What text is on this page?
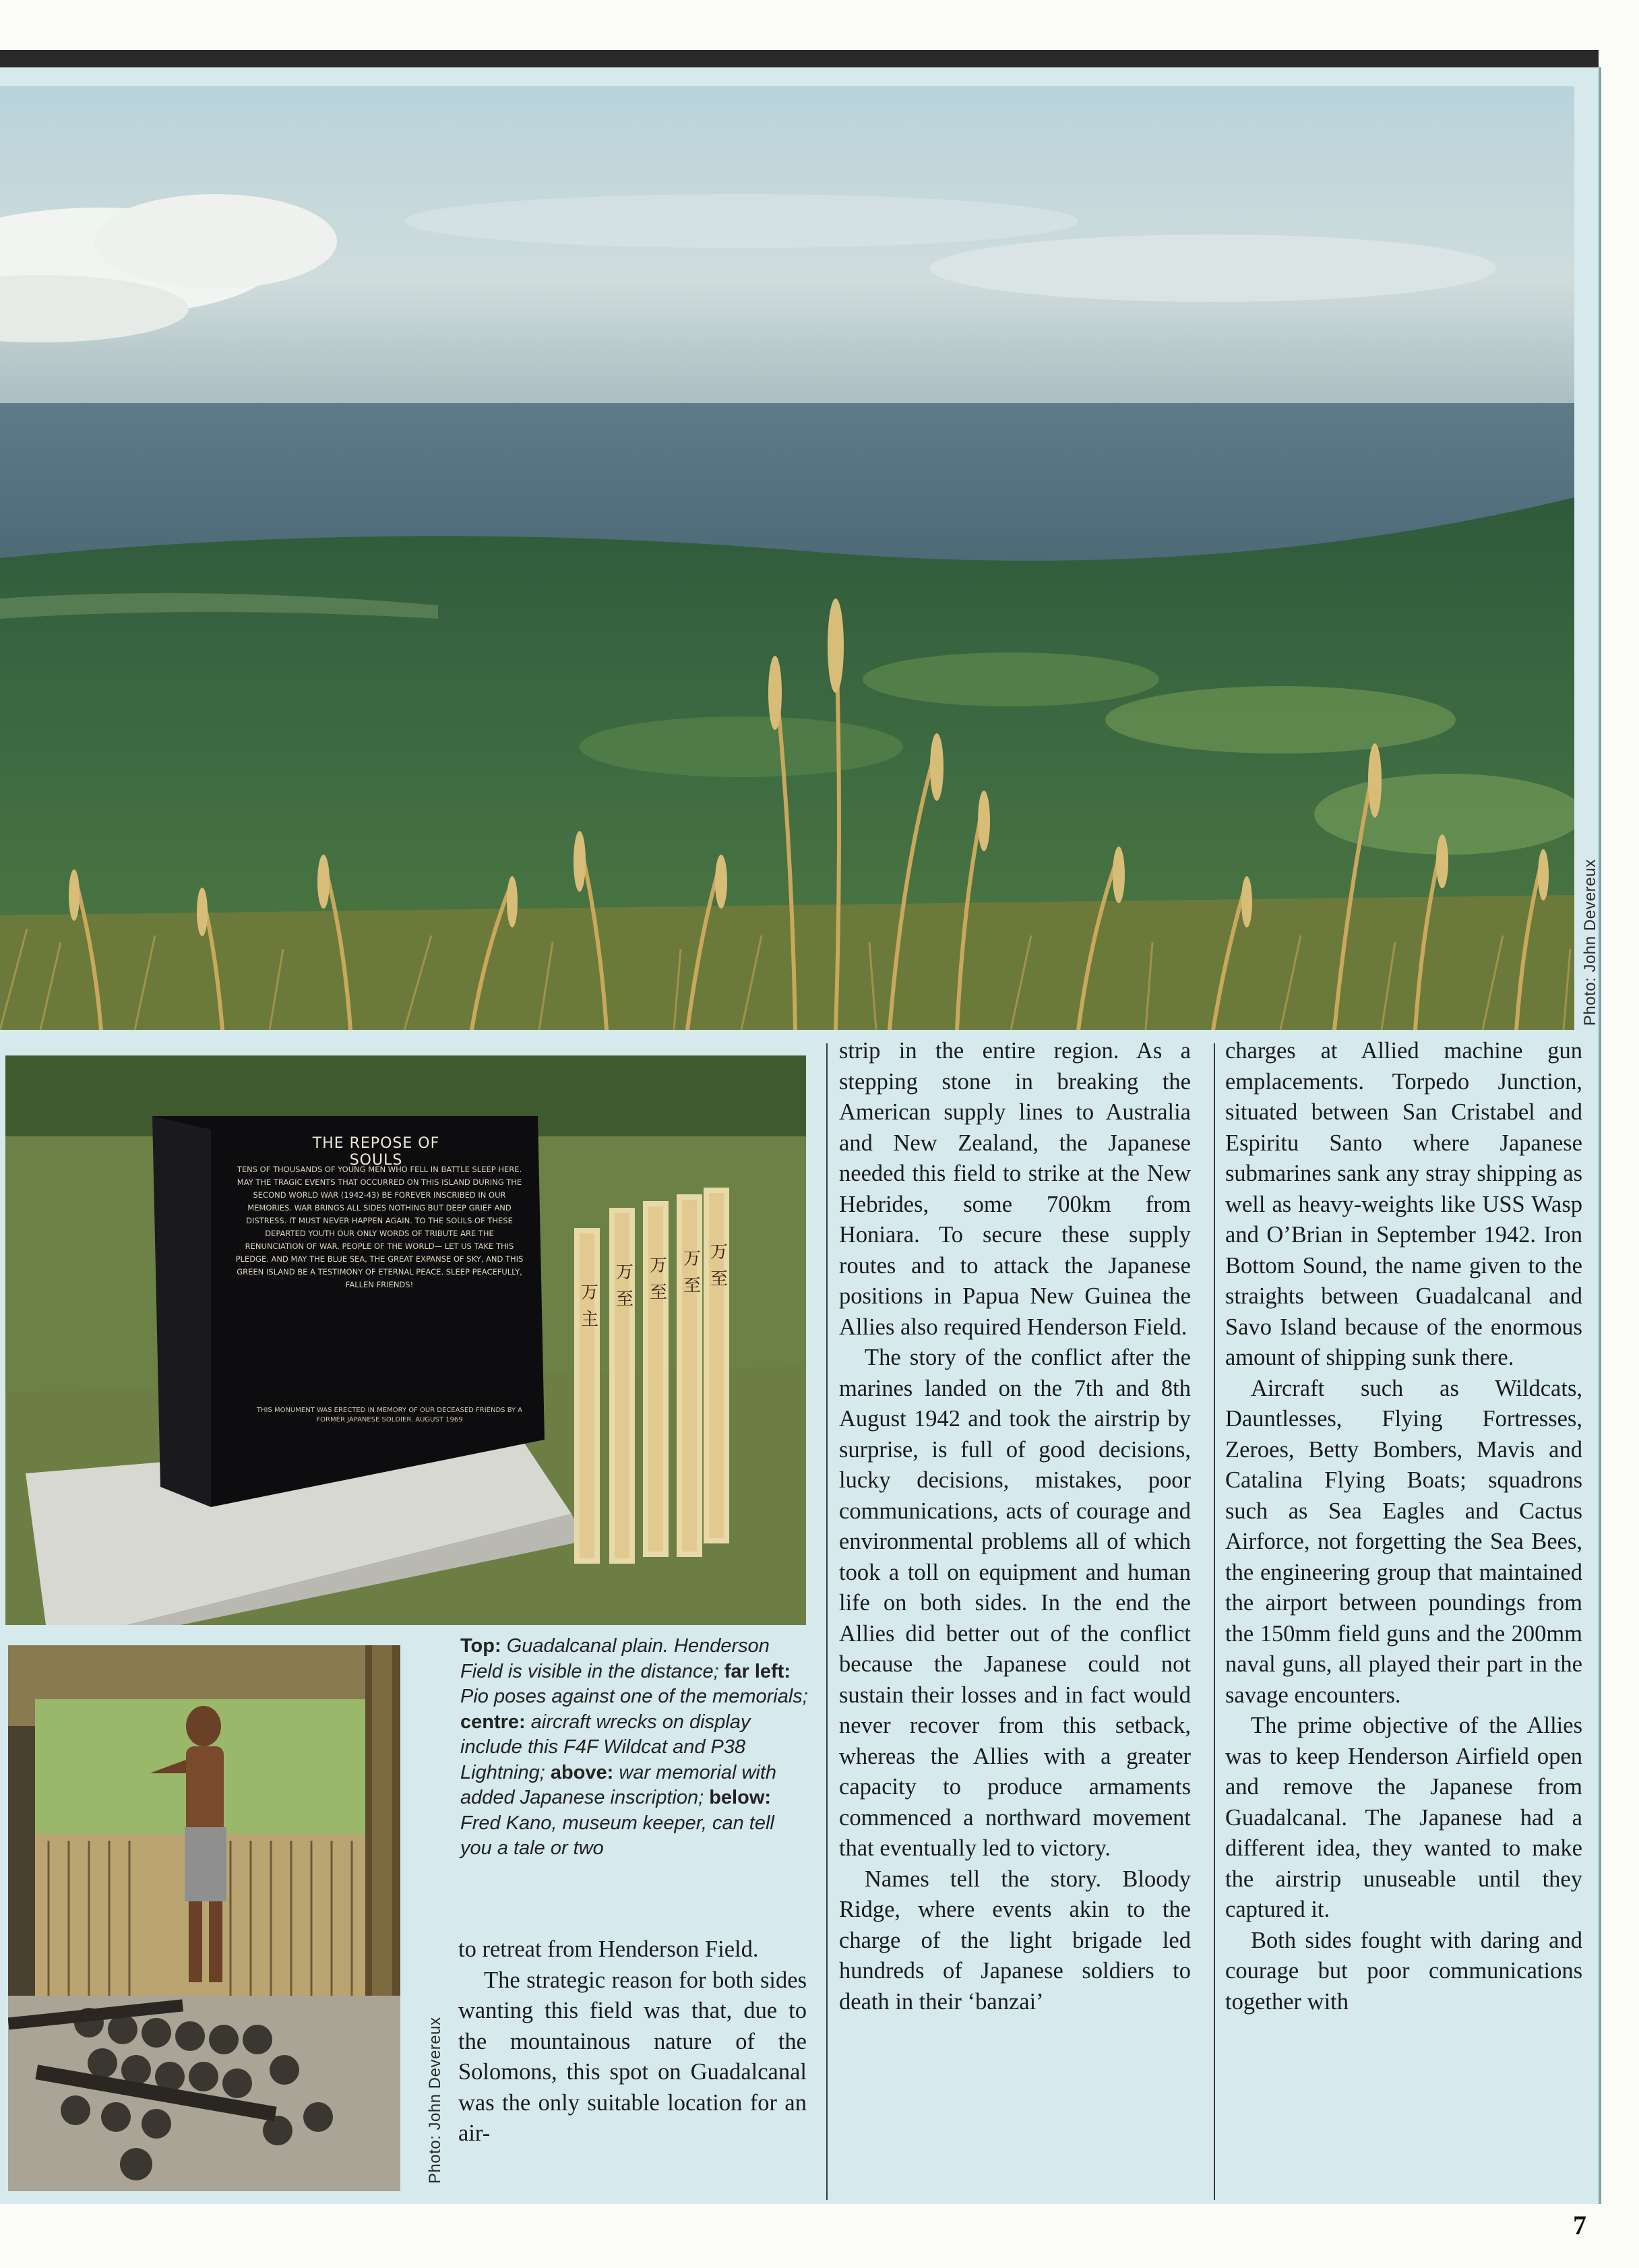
Photo: John Devereux
万
主
万
至
万
至
万
至
万
至
THE REPOSE OF SOULS
TENS OF THOUSANDS OF YOUNG MEN WHO FELL IN BATTLE SLEEP HERE. MAY THE TRAGIC EVENTS THAT OCCURRED ON THIS ISLAND DURING THE SECOND WORLD WAR (1942-43) BE FOREVER INSCRIBED IN OUR MEMORIES. WAR BRINGS ALL SIDES NOTHING BUT DEEP GRIEF AND DISTRESS. IT MUST NEVER HAPPEN AGAIN. TO THE SOULS OF THESE DEPARTED YOUTH OUR ONLY WORDS OF TRIBUTE ARE THE RENUNCIATION OF WAR. PEOPLE OF THE WORLD— LET US TAKE THIS PLEDGE. AND MAY THE BLUE SEA, THE GREAT EXPANSE OF SKY, AND THIS GREEN ISLAND BE A TESTIMONY OF ETERNAL PEACE. SLEEP PEACEFULLY, FALLEN FRIENDS!
THIS MONUMENT WAS ERECTED IN MEMORY OF OUR DECEASED FRIENDS BY A FORMER JAPANESE SOLDIER. AUGUST 1969
Photo: John Devereux
Top: Guadalcanal plain. Henderson Field is visible in the distance; far left: Pio poses against one of the memorials; centre: aircraft wrecks on display include this F4F Wildcat and P38 Lightning; above: war memorial with added Japanese inscription; below: Fred Kano, museum keeper, can tell you a tale or two

to retreat from Henderson Field.

The strategic reason for both sides wanting this field was that, due to the mountainous nature of the Solomons, this spot on Guadalcanal was the only suitable location for an air-

strip in the entire region. As a stepping stone in breaking the American supply lines to Australia and New Zealand, the Japanese needed this field to strike at the New Hebrides, some 700km from Honiara. To secure these supply routes and to attack the Japanese positions in Papua New Guinea the Allies also required Henderson Field.

The story of the conflict after the marines landed on the 7th and 8th August 1942 and took the airstrip by surprise, is full of good decisions, lucky decisions, mistakes, poor communications, acts of courage and environmental problems all of which took a toll on equipment and human life on both sides. In the end the Allies did better out of the conflict because the Japanese could not sustain their losses and in fact would never recover from this setback, whereas the Allies with a greater capacity to produce armaments commenced a northward movement that eventually led to victory.

Names tell the story. Bloody Ridge, where events akin to the charge of the light brigade led hundreds of Japanese soldiers to death in their ‘banzai’

charges at Allied machine gun emplacements. Torpedo Junction, situated between San Cristabel and Espiritu Santo where Japanese submarines sank any stray shipping as well as heavy-weights like USS Wasp and O’Brian in September 1942. Iron Bottom Sound, the name given to the straights between Guadalcanal and Savo Island because of the enormous amount of shipping sunk there.

Aircraft such as Wildcats, Dauntlesses, Flying Fortresses, Zeroes, Betty Bombers, Mavis and Catalina Flying Boats; squadrons such as Sea Eagles and Cactus Airforce, not forgetting the Sea Bees, the engineering group that maintained the airport between poundings from the 150mm field guns and the 200mm naval guns, all played their part in the savage encounters.

The prime objective of the Allies was to keep Henderson Airfield open and remove the Japanese from Guadalcanal. The Japanese had a different idea, they wanted to make the airstrip unuseable until they captured it.

Both sides fought with daring and courage but poor communications together with

7
